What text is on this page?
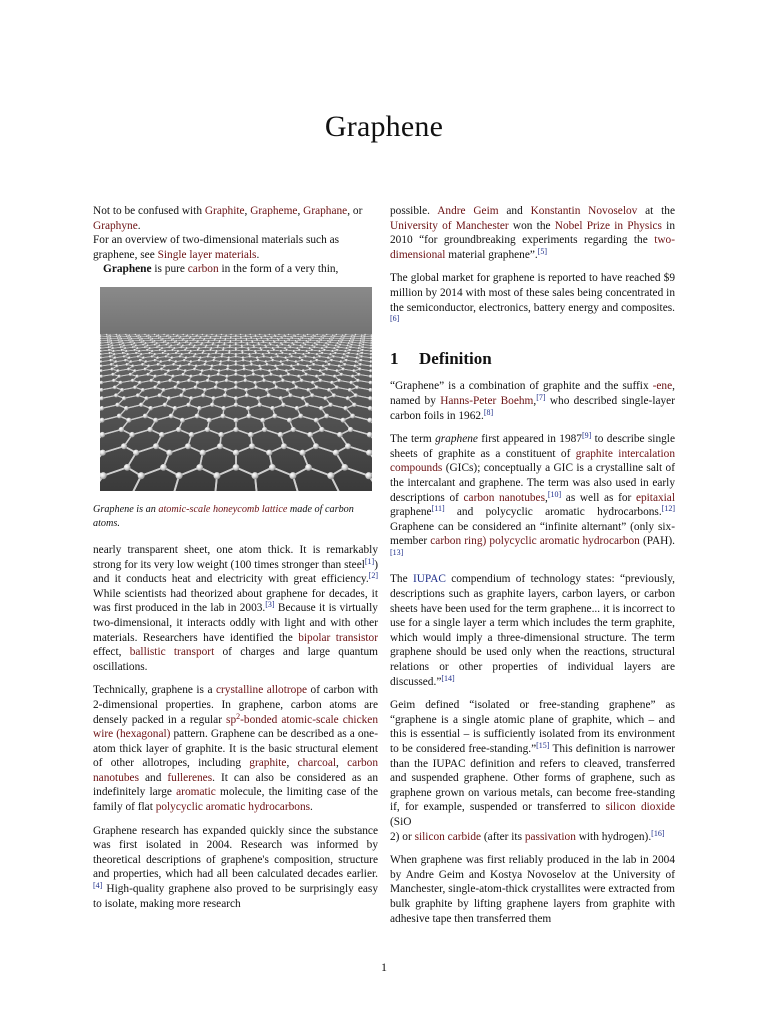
Graphene

Not to be confused with Graphite, Grapheme, Graphane, or Graphyne.
For an overview of two-dimensional materials such as graphene, see Single layer materials.

Graphene is pure carbon in the form of a very thin,

Graphene is an atomic-scale honeycomb lattice made of carbon atoms.

nearly transparent sheet, one atom thick. It is remarkably strong for its very low weight (100 times stronger than steel[1]) and it conducts heat and electricity with great efficiency.[2] While scientists had theorized about graphene for decades, it was first produced in the lab in 2003.[3] Because it is virtually two-dimensional, it interacts oddly with light and with other materials. Researchers have identified the bipolar transistor effect, ballistic transport of charges and large quantum oscillations.

Technically, graphene is a crystalline allotrope of carbon with 2-dimensional properties. In graphene, carbon atoms are densely packed in a regular $sp^2$-bonded atomic-scale chicken wire (hexagonal) pattern. Graphene can be described as a one-atom thick layer of graphite. It is the basic structural element of other allotropes, including graphite, charcoal, carbon nanotubes and fullerenes. It can also be considered as an indefinitely large aromatic molecule, the limiting case of the family of flat polycyclic aromatic hydrocarbons.

Graphene research has expanded quickly since the substance was first isolated in 2004. Research was informed by theoretical descriptions of graphene's composition, structure and properties, which had all been calculated decades earlier.[4] High-quality graphene also proved to be surprisingly easy to isolate, making more research

possible. Andre Geim and Konstantin Novoselov at the University of Manchester won the Nobel Prize in Physics in 2010 “for groundbreaking experiments regarding the two-dimensional material graphene”.[5]

The global market for graphene is reported to have reached $9 million by 2014 with most of these sales being concentrated in the semiconductor, electronics, battery energy and composites.[6]

1 Definition

“Graphene” is a combination of graphite and the suffix -ene, named by Hanns-Peter Boehm,[7] who described single-layer carbon foils in 1962.[8]

The term graphene first appeared in 1987[9] to describe single sheets of graphite as a constituent of graphite intercalation compounds (GICs); conceptually a GIC is a crystalline salt of the intercalant and graphene. The term was also used in early descriptions of carbon nanotubes,[10] as well as for epitaxial graphene[11] and polycyclic aromatic hydrocarbons.[12] Graphene can be considered an “infinite alternant” (only six-member carbon ring) polycyclic aromatic hydrocarbon (PAH).[13]

The IUPAC compendium of technology states: “previously, descriptions such as graphite layers, carbon layers, or carbon sheets have been used for the term graphene... it is incorrect to use for a single layer a term which includes the term graphite, which would imply a three-dimensional structure. The term graphene should be used only when the reactions, structural relations or other properties of individual layers are discussed.”[14]

Geim defined “isolated or free-standing graphene” as “graphene is a single atomic plane of graphite, which – and this is essential – is sufficiently isolated from its environment to be considered free-standing.”[15] This definition is narrower than the IUPAC definition and refers to cleaved, transferred and suspended graphene. Other forms of graphene, such as graphene grown on various metals, can become free-standing if, for example, suspended or transferred to silicon dioxide (SiO
2) or silicon carbide (after its passivation with hydrogen).[16]

When graphene was first reliably produced in the lab in 2004 by Andre Geim and Kostya Novoselov at the University of Manchester, single-atom-thick crystallites were extracted from bulk graphite by lifting graphene layers from graphite with adhesive tape then transferred them

1
